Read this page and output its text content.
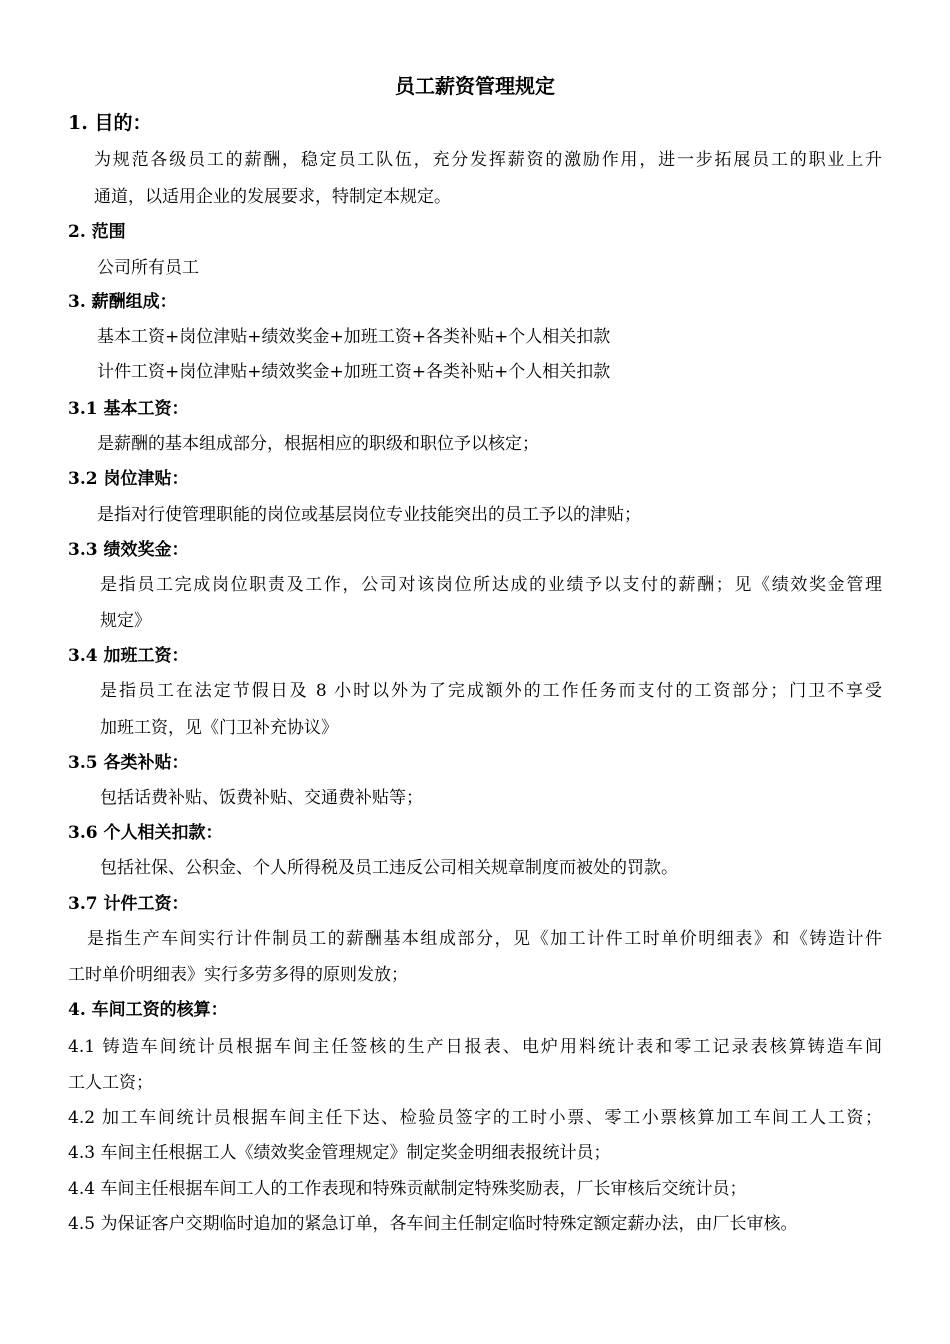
员工薪资管理规定
1. 目的：
为规范各级员工的薪酬，稳定员工队伍，充分发挥薪资的激励作用，进一步拓展员工的职业上升
通道，以适用企业的发展要求，特制定本规定。
2. 范围
公司所有员工
3. 薪酬组成：
基本工资+岗位津贴+绩效奖金+加班工资+各类补贴+个人相关扣款
计件工资+岗位津贴+绩效奖金+加班工资+各类补贴+个人相关扣款
3.1 基本工资：
是薪酬的基本组成部分，根据相应的职级和职位予以核定；
3.2 岗位津贴：
是指对行使管理职能的岗位或基层岗位专业技能突出的员工予以的津贴；
3.3 绩效奖金：
是指员工完成岗位职责及工作，公司对该岗位所达成的业绩予以支付的薪酬；见《绩效奖金管理
规定》
3.4 加班工资：
是指员工在法定节假日及 8 小时以外为了完成额外的工作任务而支付的工资部分；门卫不享受
加班工资，见《门卫补充协议》
3.5 各类补贴：
包括话费补贴、饭费补贴、交通费补贴等；
3.6 个人相关扣款：
包括社保、公积金、个人所得税及员工违反公司相关规章制度而被处的罚款。
3.7 计件工资：
是指生产车间实行计件制员工的薪酬基本组成部分，见《加工计件工时单价明细表》和《铸造计件
工时单价明细表》实行多劳多得的原则发放；
4. 车间工资的核算：
4.1 铸造车间统计员根据车间主任签核的生产日报表、电炉用料统计表和零工记录表核算铸造车间
工人工资；
4.2 加工车间统计员根据车间主任下达、检验员签字的工时小票、零工小票核算加工车间工人工资；
4.3 车间主任根据工人《绩效奖金管理规定》制定奖金明细表报统计员；
4.4 车间主任根据车间工人的工作表现和特殊贡献制定特殊奖励表，厂长审核后交统计员；
4.5 为保证客户交期临时追加的紧急订单，各车间主任制定临时特殊定额定薪办法，由厂长审核。
